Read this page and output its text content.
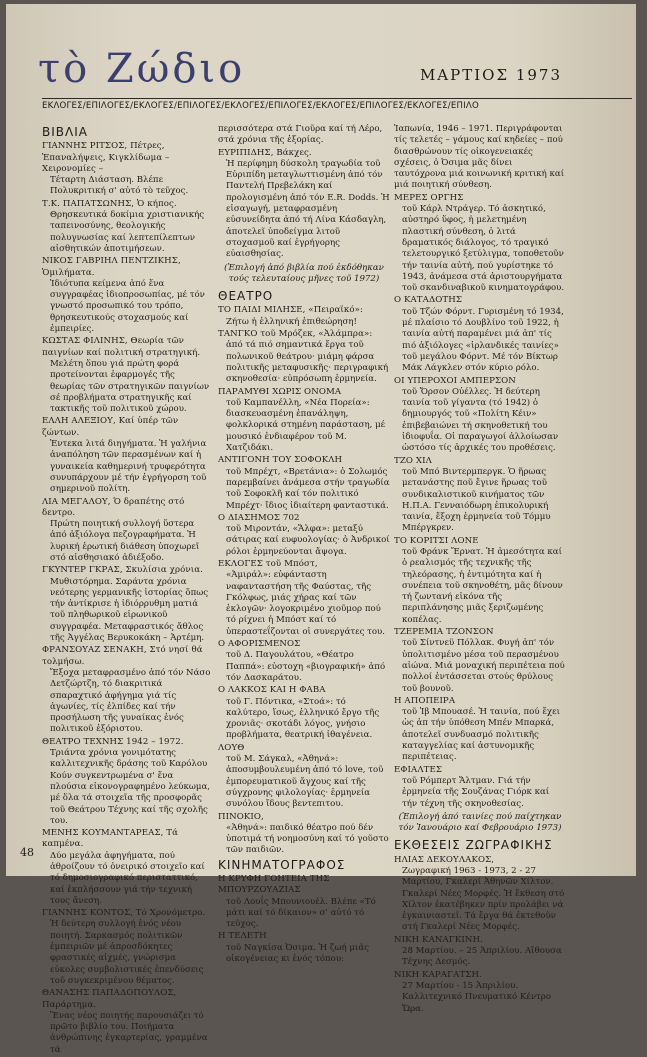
τὸ Ζώδιο	ΜΑΡΤΙΟΣ 1973
ΕΚΛΟΓΕΣ/ΕΠΙΛΟΓΕΣ/ΕΚΛΟΓΕΣ/ΕΠΙΛΟΓΕΣ/ΕΚΛΟΓΕΣ/ΕΠΙΛΟΓΕΣ/ΕΚΛΟΓΕΣ/ΕΠΙΛΟΓΕΣ/ΕΚΛΟΓΕΣ/ΕΠΙΛΟ
ΒΙΒΛΙΑ
ΓΙΑΝΝΗΣ ΡΙΤΣΟΣ, Πέτρες, Ἐπαναλήψεις, Κιγκλίδωμα – Χειρονομίες –
Τέταρτη Διάσταση. Βλέπε Πολυκριτική σ' αὐτό τὸ τεῦχος.
Τ.Κ. ΠΑΠΑΤΣΩΝΗΣ, Ὁ κήπος.
Θρησκευτικά δοκίμια χριστιανικής ταπεινοσύνης, θεολογικής πολυγνωσίας καί λεπτεπίλεπτων αἰσθητικών ἀποτιμήσεων.
ΝΙΚΟΣ ΓΑΒΡΙΗΛ ΠΕΝΤΖΙΚΗΣ, Ὁμιλήματα.
Ἰδιότυπα κείμενα ἀπό ἕνα συγγραφέας ἰδιοπροσωπίας, μέ τόν γνωστό προσωπικό του τρόπο, θρησκευτικούς στοχασμούς καί ἐμπειρίες.
ΚΩΣΤΑΣ ΦΙΛΙΝΗΣ, Θεωρία τῶν παιγνίων καί πολιτική στρατηγική.
Μελέτη ὅπου γιά πρώτη φορά προτείνονται ἐφαρμογές τῆς θεωρίας τῶν στρατηγικῶν παιγνίων σέ προβλήματα στρατηγικῆς καί τακτικῆς τοῦ πολιτικοῦ χώρου.
ΕΛΛΗ ΑΛΕΞΙΟΥ, Καί ὑπέρ τῶν ζώντων.
Ἐντεκα λιτά διηγήματα. Ἡ γαλήνια ἀναπόληση τῶν περασμένων καί ἡ γυναικεία καθημερινή τρυφερότητα συνυπάρχουν μέ τήν ἐγρήγορση τοῦ σημερινοῦ πολίτη.
ΛΙΑ ΜΕΓΑΛΟΥ, Ὁ δραπέτης στό δεντρο.
Πρώτη ποιητική συλλογή ὕστερα ἀπό ἀξιόλογα πεζογραφήματα. Ἡ λυρική ἐρωτική διάθεση ὑποχωρεῖ στό αἰσθησιακό ἀδιέξοδο.
ΓΚΥΝΤΕΡ ΓΚΡΑΣ, Σκυλίσια χρόνια.
Μυθιστόρημα. Σαράντα χρόνια νεότερης γερμανικῆς ἱστορίας ὅπως τήν ἀντίκρισε ἡ ἰδιόρρυθμη ματιά τοῦ πληθωρικοῦ εἰρωνικοῦ συγγραφέα. Μεταφραστικός ἄθλος τῆς Ἀγγέλας Βερυκοκάκη – Ἀρτέμη.
ΦΡΑΝΣΟΥΑΖ ΣΕΝΑΚΗ, Στό νησί θά τολμήσω.
Ἔξοχα μεταφρασμένο ἀπό τόν Νάσο Δετζώρτζη, τό διακριτικά σπαραχτικό ἀφήγημα γιά τίς ἀγωνίες, τίς ἐλπίδες καί τήν προσήλωση τῆς γυναίκας ἑνός πολιτικοῦ ἐξόριστου.
ΘΕΑΤΡΟ ΤΕΧΝΗΣ 1942 – 1972.
Τριάντα χρόνια γονιμότατης καλλιτεχνικῆς δράσης τοῦ Καρόλου Κούν συγκεντρωμένα σ' ἕνα πλούσια εἰκονογραφημένο λεύκωμα, μέ ὅλα τά στοιχεῖα τῆς προσφορᾶς τοῦ Θεάτρου Τέχνης καί τῆς σχολῆς του.
ΜΕΝΗΣ ΚΟΥΜΑΝΤΑΡΕΑΣ, Τά καπμένα.
Δύο μεγάλα ἀφηγήματα, πού ἀθροίζουν τό ὀνειρικό στοιχεῖο καί τό δημοσιογραφικό περισταττικό, καί ἐκπλήσσουν γιά τήν τεχνική τους ἄνεση.
ΓΙΑΝΝΗΣ ΚΟΝΤΟΣ, Τό Χρονόμετρο.
Ἡ δεύτερη συλλογή ἑνός νέου ποιητή. Σαρκασμός πολιτικῶν ἐμπειριῶν μέ ἀπροσδόκητες φραστικές αἰχμές, γνώρισμα εὐκολες συμβολιστικές ἐπενδύσεις τοῦ συγκεκριμένου θέματος.
ΘΑΝΑΣΗΣ ΠΑΠΑΔΟΠΟΥΛΟΣ, Παράρτημα.
Ἕνας νέος ποιητής παρουσιάζει τό πρῶτο βιβλίο του. Ποιήματα ἀνθρώπινης ἐγκαρτερίας, γραμμένα τά
περισσότερα στά Γιοῦρα καί τή Λέρο, στά χρόνια τῆς ἐξορίας.
ΕΥΡΙΠΙΔΗΣ, Βάκχες.
Ἡ περίφημη δύσκολη τραγωδία τοῦ Εὐριπίδη μεταγλωττισμένη ἀπό τόν Παντελή Πρεβελάκη καί προλογισμένη ἀπό τόν E.R. Dodds. Ἡ εἰσαγωγή, μεταφρασμένη εὐσυνείδητα ἀπό τή Λίνα Κάσδαγλη, ἀποτελεῖ ὑποδείγμα λιτοῦ στοχασμοῦ καί ἐγρήγορης εὐαισθησίας.
(Ἐπιλογή ἀπό βιβλία πού ἐκδόθηκαν τούς τελευταίους μῆνες τοῦ 1972)
ΘΕΑΤΡΟ
ΤΟ ΠΑΙΔΙ ΜΙΛΗΣΕ, «Πειραϊκό»:
Ζήτω ἡ ἑλληνική ἐπιθεώρηση!
ΤΑΝΓΚΟ τοῦ Μρόζεκ, «Ἀλάμπρα»:
ἀπό τά πιό σημαντικά ἔργα τοῦ πολωνικοῦ θεάτρου· μιάμη φάρσα πολιτικῆς μεταφυσικῆς· περιγραφική σκηνοθεσία· εὐπρόσωπη ἑρμηνεία.
ΠΑΡΑΜΥΘΙ ΧΩΡΙΣ ΟΝΟΜΑ
τοῦ Καμπανέλλη, «Νέα Πορεία»: διασκευασμένη ἐπανάληψη, φολκλορικά στημένη παράσταση, μέ μουσικό ἐνδιαφέρον τοῦ Μ. Χατζιδάκι.
ΑΝΤΙΓΟΝΗ ΤΟΥ ΣΟΦΟΚΛΗ
τοῦ Μπρέχτ, «Βρετάνια»: ὁ Σολωμός παρεμβαίνει ἀνάμεσα στήν τραγωδία τοῦ Σοφοκλῆ καί τόν πολιτικό Μπρέχτ· ἴδιος ἰδιαίτερη φανταστικά.
Ο ΔΙΑΣΗΜΟΣ 702
τοῦ Μιροντάν, «Ἄλφα»: μεταξύ σάτιρας καί ευφυολογίας· ὁ Ἀνδρικοί ρόλοι ἑρμηνεύονται ἄψογα.
ΕΚΛΟΓΕΣ τοῦ Μπόστ,
«Ἀμιράλ»: εὐφάνταστη ναφανταστήση τῆς Φαύστας, τῆς Γκόλφως, μιάς χήρας καί τῶν ἐκλογῶν· λογοκριμένο χιοῦμορ πού τό ρίχνει ἡ Μπόστ καί τό ὑπεραστεΐζονται οἱ συνεργάτες του.
Ο ΑΦΟΡΙΣΜΕΝΟΣ
τοῦ Δ. Παγουλάτου, «Θέατρο Παππά»: εὐστοχη «βιογραφική» ἀπό τόν Δασκαράτου.
Ο ΛΑΚΚΟΣ ΚΑΙ Η ΦΑΒΑ
τοῦ Γ. Πόντικα, «Στοά»: τό καλύτερο, ἴσως, ἑλληνικό ἔργο τῆς χρονιᾶς· σκοτάδι λόγος, γνήσιο προβλήματα, θεατρική ἰθαγένεια.
ΛΟΥΘ
τοῦ Μ. Σάγκαλ, «Ἀθηνά»: ἀποσυμβουλευμένη ἀπό τό love, τοῦ ἐμπορευματικοῦ ἄγχους καί τῆς σύγχρονης φιλολογίας· ἑρμηνεία συνόλου ἴδους βεντεπιτου.
ΠΙΝΟΚΙΟ,
«Ἀθηνά»: παιδικό θέατρο πού δέν ὑποτιμά τή νοημοσύνη καί τό γοῦστο τῶν παιδιῶν.
ΚΙΝΗΜΑΤΟΓΡΑΦΟΣ
Η ΚΡΥΦΗ ΓΟΗΤΕΙΑ ΤΗΣ ΜΠΟΥΡΖΟΥΑΖΙΑΣ
τοῦ Λουΐς Μπουνιουέλ. Βλέπε «Τό μάτι καί τό δίκαιον» σ' αὐτό τό τεῦχος.
Η ΤΕΛΕΤΗ
τοῦ Ναγκίσα Ὀσιμα. Ἡ ζωή μιᾶς οἰκογένειας κι ἑνός τόπου:
Ἰαπωνία, 1946 – 1971. Περιγράφονται τίς τελετές – γάμους καί κηδείες – πού διασθρώνουν τίς οἰκογενειακές σχέσεις, ὁ Ὀσιμα μᾶς δίνει ταυτόχρονα μιά κοινωνική κριτική καί μιά ποιητική σύνθεση.
ΜΕΡΕΣ ΟΡΓΗΣ
τοῦ Κάρλ Ντράγερ. Τό ἀσκητικό, αὐστηρό ὕφος, ἡ μελετημένη πλαστική σύνθεση, ὁ λιτά δραματικός διάλογος, τό τραγικό τελετουργικό ξετύλιγμα, τοποθετοῦν τήν ταινία αὐτή, πού γυρίστηκε τό 1943, ἀνάμεσα στά ἀριστουργήματα τοῦ σκανδιναβικοῦ κινηματογράφου.
Ο ΚΑΤΑΔΟΤΗΣ
τοῦ Τζών Φόρντ. Γυρισμένη τό 1934, μέ πλαίσιο τό Δουβλίνο τοῦ 1922, ἡ ταινία αὐτή παραμένει μιά ἀπ' τίς πιό ἀξιόλογες «ἰρλανδικές ταινίες» τοῦ μεγάλου Φόρντ. Μέ τόν Βίκτωρ Μάκ Λάγκλεν στόν κύριο ρόλο.
ΟΙ ΥΠΕΡΟΧΟΙ ΑΜΠΕΡΣΟΝ
τοῦ Ὄρσον Οὐέλλες. Ἡ δεύτερη ταινία τοῦ γίγαντα (τό 1942) ὁ δημιουργός τοῦ «Πολίτη Κέιν» ἐπιβεβαιώνει τή σκηνοθετική του ἰδιοφυΐα. Οἱ παραγωγοί ἀλλοίωσαν ὡστόσο τίς ἀρχικές του προθέσεις.
ΤΖΟ ΧΙΛ
τοῦ Μπό Βιντερμπεργκ. Ὁ ἥρωας μετανάστης ποῦ ἔγινε ἥρωας τοῦ συνδικαλιστικοῦ κινήματος τῶν Η.Π.Α. Γενναιόδωρη ἐπικολυρική ταινία, ἔξοχη ἑρμηνεία τοῦ Τόμμυ Μπέργκρεν.
ΤΟ ΚΟΡΙΤΣΙ ΛΟΝΕ
τοῦ Φράνκ Ἔρνατ. Ἡ ἀμεσότητα καί ὁ ρεαλισμός τῆς τεχνικῆς τῆς τηλεόρασης, ἡ ἐντιμότητα καί ἡ συνέπεια τοῦ σκηνοθέτη, μᾶς δίνουν τή ζωντανή εἰκόνα τῆς περιπλάνησης μιᾶς ξεριζωμένης κοπέλας.
ΤΖΕΡΕΜΙΑ ΤΖΟΝΣΟΝ
τοῦ Σίντνεϋ Πόλλακ. Φυγή ἀπ' τόν ὑπολιτισμένο μέσα τοῦ περασμένου αἰώνα. Μιά μοναχική περιπέτεια πού πολλοί ἐντάσσεται στούς θρύλους τοῦ βουνοῦ.
Η ΑΠΟΠΕΙΡΑ
τοῦ Ἰβ Μπουασέ. Ἡ ταινία, πού ἔχει ὡς ἀπ τήν ὑπόθεση Μπέν Μπαρκά, ἀποτελεῖ συνδυασμό πολιτικῆς καταγγελίας καί ἀστυνομικῆς περιπέτειας.
ΕΦΙΑΛΤΕΣ
τοῦ Ρόμπερτ Ἄλτμαν. Γιά τήν ἑρμηνεία τῆς Σουζάνας Γιόρκ καί τήν τέχνη τῆς σκηνοθεσίας.
(Ἐπιλογή ἀπό ταινίες πού παίχτηκαν τόν Ἰανουάριο καί Φεβρουάριο 1973)
ΕΚΘΕΣΕΙΣ ΖΩΓΡΑΦΙΚΗΣ
ΗΛΙΑΣ ΔΕΚΟΥΛΑΚΟΣ,
Ζωγραφική 1963 - 1973, 2 - 27 Μαρτίου, Γκαλερί Ἀθηνῶν Χίλτον. Γκαλερί Νέες Μορφές. Ἡ ἔκθεση στό Χίλτον ἐκατέβηκεν πρίν προλάβει νά ἐγκαινιαστεῖ. Τά ἔργα θά ἐκτεθοῦν στή Γκαλερί Νέες Μορφές.
ΝΙΚΗ ΚΑΝΑΓΚΙΝΗ.
28 Μαρτίου. – 25 Ἀπριλίου. Αἴθουσα Τέχνης Δεσμός.
ΝΙΚΗ ΚΑΡΑΓΑΤΣΗ.
27 Μαρτίου - 15 Ἀπριλίου. Καλλιτεχνικό Πνευματικό Κέντρο Ὤρα.
48
